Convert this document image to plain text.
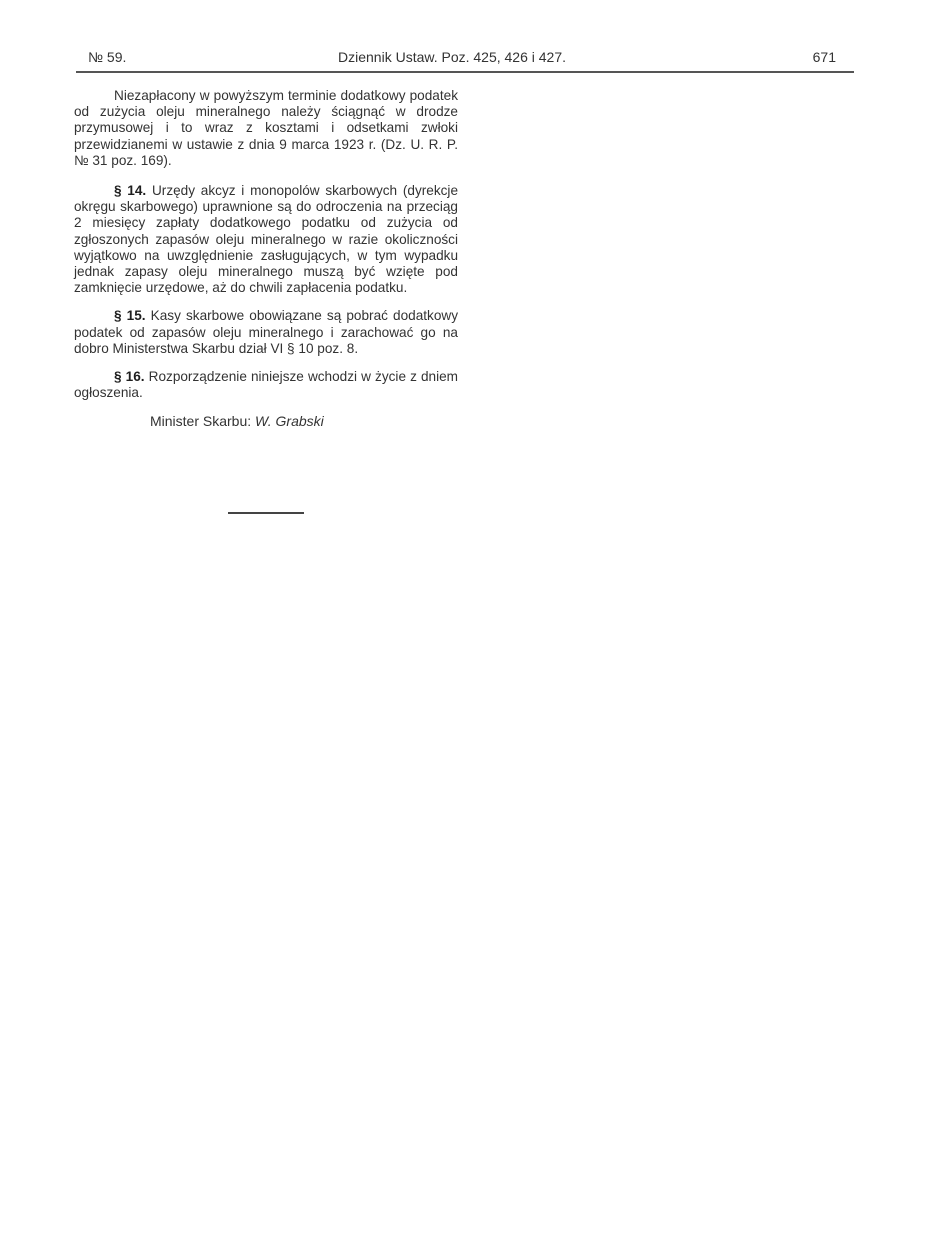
№ 59.	Dziennik Ustaw. Poz. 425, 426 i 427.	671

Niezapłacony w powyższym terminie dodatkowy podatek od zużycia oleju mineralnego należy ściągnąć w drodze przymusowej i to wraz z kosztami i odsetkami zwłoki przewidzianemi w ustawie z dnia 9 marca 1923 r. (Dz. U. R. P. № 31 poz. 169).

§ 14. Urzędy akcyz i monopolów skarbowych (dyrekcje okręgu skarbowego) uprawnione są do odroczenia na przeciąg 2 miesięcy zapłaty dodatkowego podatku od zużycia od zgłoszonych zapasów oleju mineralnego w razie okoliczności wyjątkowo na uwzględnienie zasługujących, w tym wypadku jednak zapasy oleju mineralnego muszą być wzięte pod zamknięcie urzędowe, aż do chwili zapłacenia podatku.

§ 15. Kasy skarbowe obowiązane są pobrać dodatkowy podatek od zapasów oleju mineralnego i zarachować go na dobro Ministerstwa Skarbu dział VI § 10 poz. 8.

§ 16. Rozporządzenie niniejsze wchodzi w życie z dniem ogłoszenia.

Minister Skarbu: W. Grabski
